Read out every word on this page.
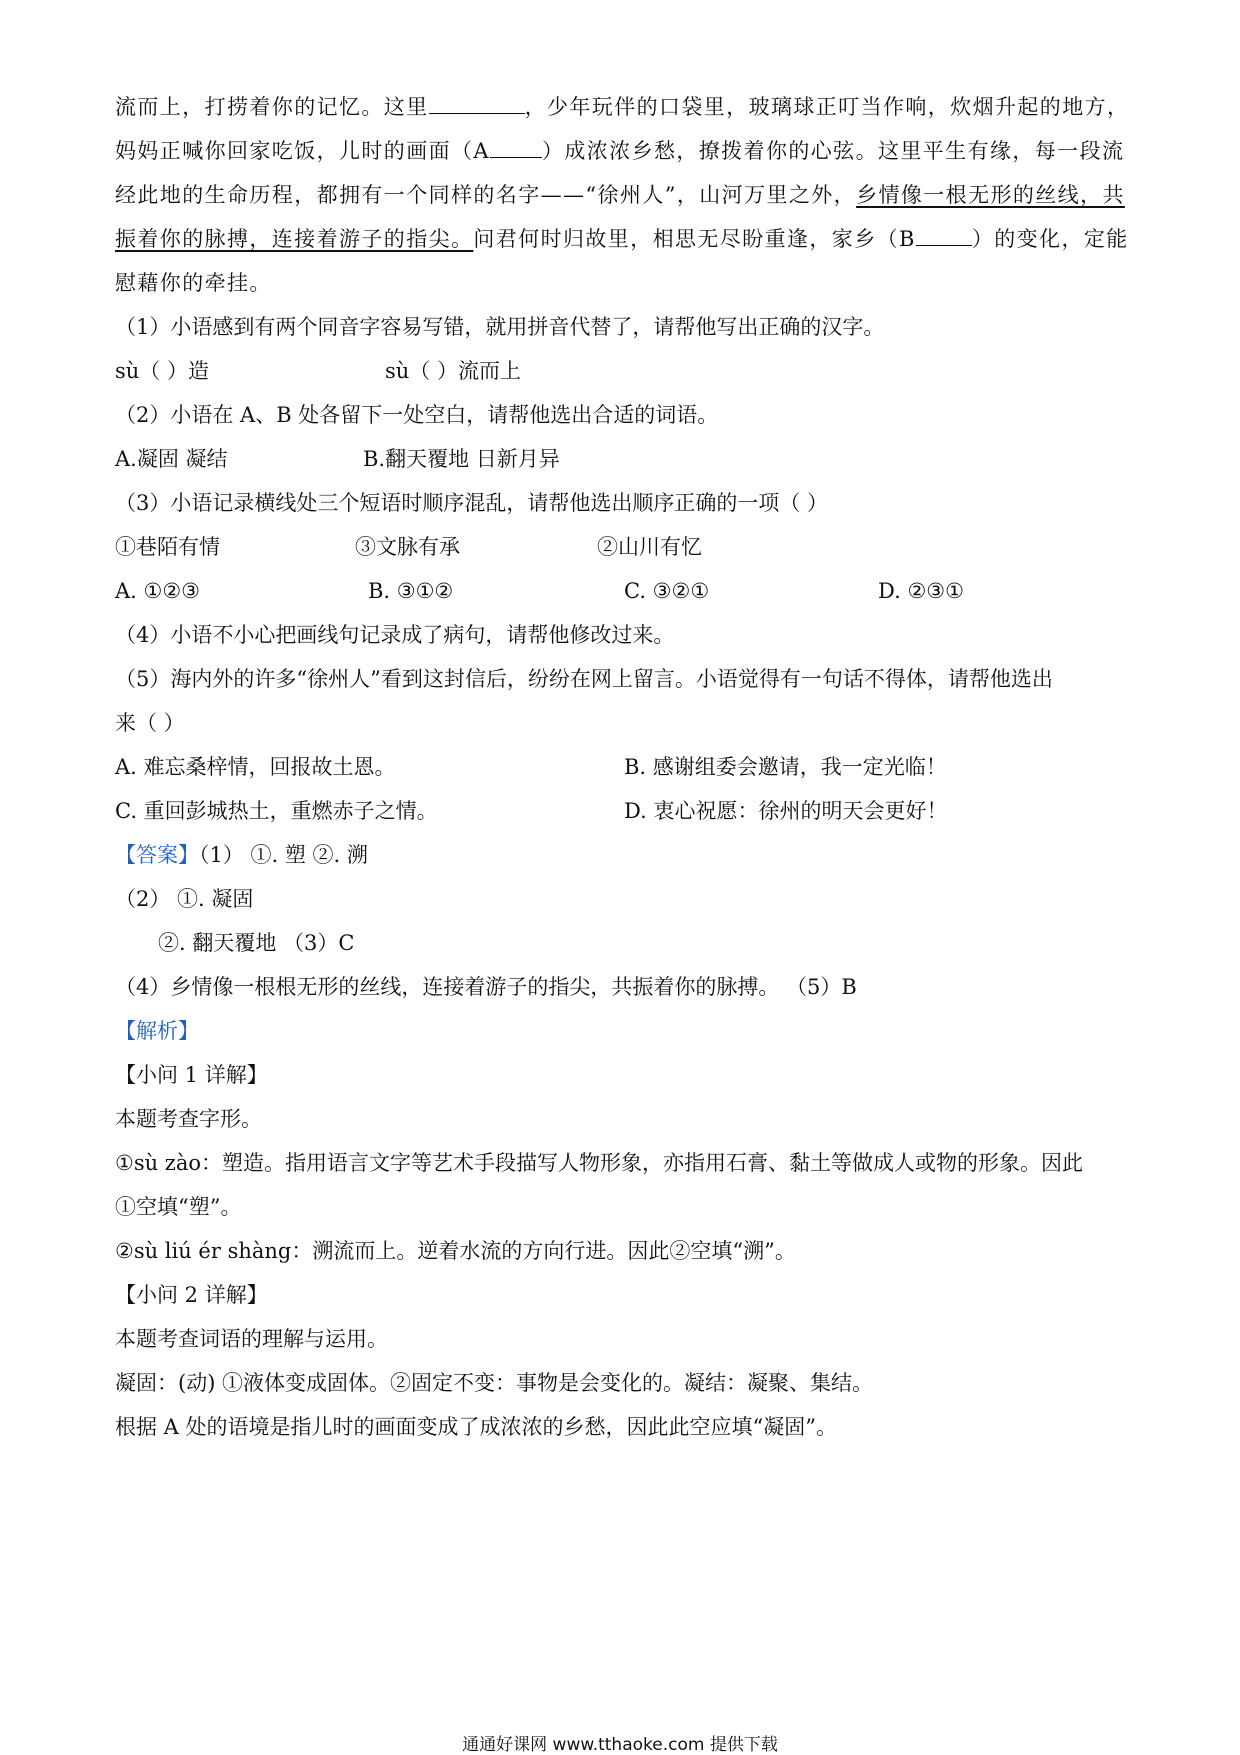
流而上，打捞着你的记忆。这里	，少年玩伴的口袋里，玻璃球正叮当作响，炊烟升起的地方，
妈妈正喊你回家吃饭，儿时的画面（A ）成浓浓乡愁，撩拨着你的心弦。这里平生有缘，每一段流
经此地的生命历程，都拥有一个同样的名字——“徐州人”，山河万里之外，乡情像一根无形的丝线，共
振着你的脉搏，连接着游子的指尖。问君何时归故里，相思无尽盼重逢，家乡（B	）的变化，定能
慰藉你的牵挂。
（1）小语感到有两个同音字容易写错，就用拼音代替了，请帮他写出正确的汉字。
sù（ ）造	sù（ ）流而上
（2）小语在 A、B 处各留下一处空白，请帮他选出合适的词语。
A.凝固 凝结	B.翻天覆地 日新月异
（3）小语记录横线处三个短语时顺序混乱，请帮他选出顺序正确的一项（ ）
①巷陌有情	③文脉有承	②山川有忆
A. ①②③	B. ③①②	C. ③②①	D. ②③①
（4）小语不小心把画线句记录成了病句，请帮他修改过来。
（5）海内外的许多“徐州人”看到这封信后，纷纷在网上留言。小语觉得有一句话不得体，请帮他选出
来（ ）
A. 难忘桑梓情，回报故土恩。	B. 感谢组委会邀请，我一定光临！
C. 重回彭城热土，重燃赤子之情。	D. 衷心祝愿：徐州的明天会更好！
【答案】（1） ①. 塑 ②. 溯
（2） ①. 凝固
②. 翻天覆地 （3）C
（4）乡情像一根根无形的丝线，连接着游子的指尖，共振着你的脉搏。 （5）B
【解析】
【小问 1 详解】
本题考查字形。
①sù zào：塑造。指用语言文字等艺术手段描写人物形象，亦指用石膏、黏土等做成人或物的形象。因此
①空填“塑”。
②sù liú ér shàng：溯流而上。逆着水流的方向行进。因此②空填“溯”。
【小问 2 详解】
本题考查词语的理解与运用。
凝固：(动) ①液体变成固体。②固定不变：事物是会变化的。凝结：凝聚、集结。
根据 A 处的语境是指儿时的画面变成了成浓浓的乡愁，因此此空应填“凝固”。
通通好课网 www.tthaoke.com 提供下载
